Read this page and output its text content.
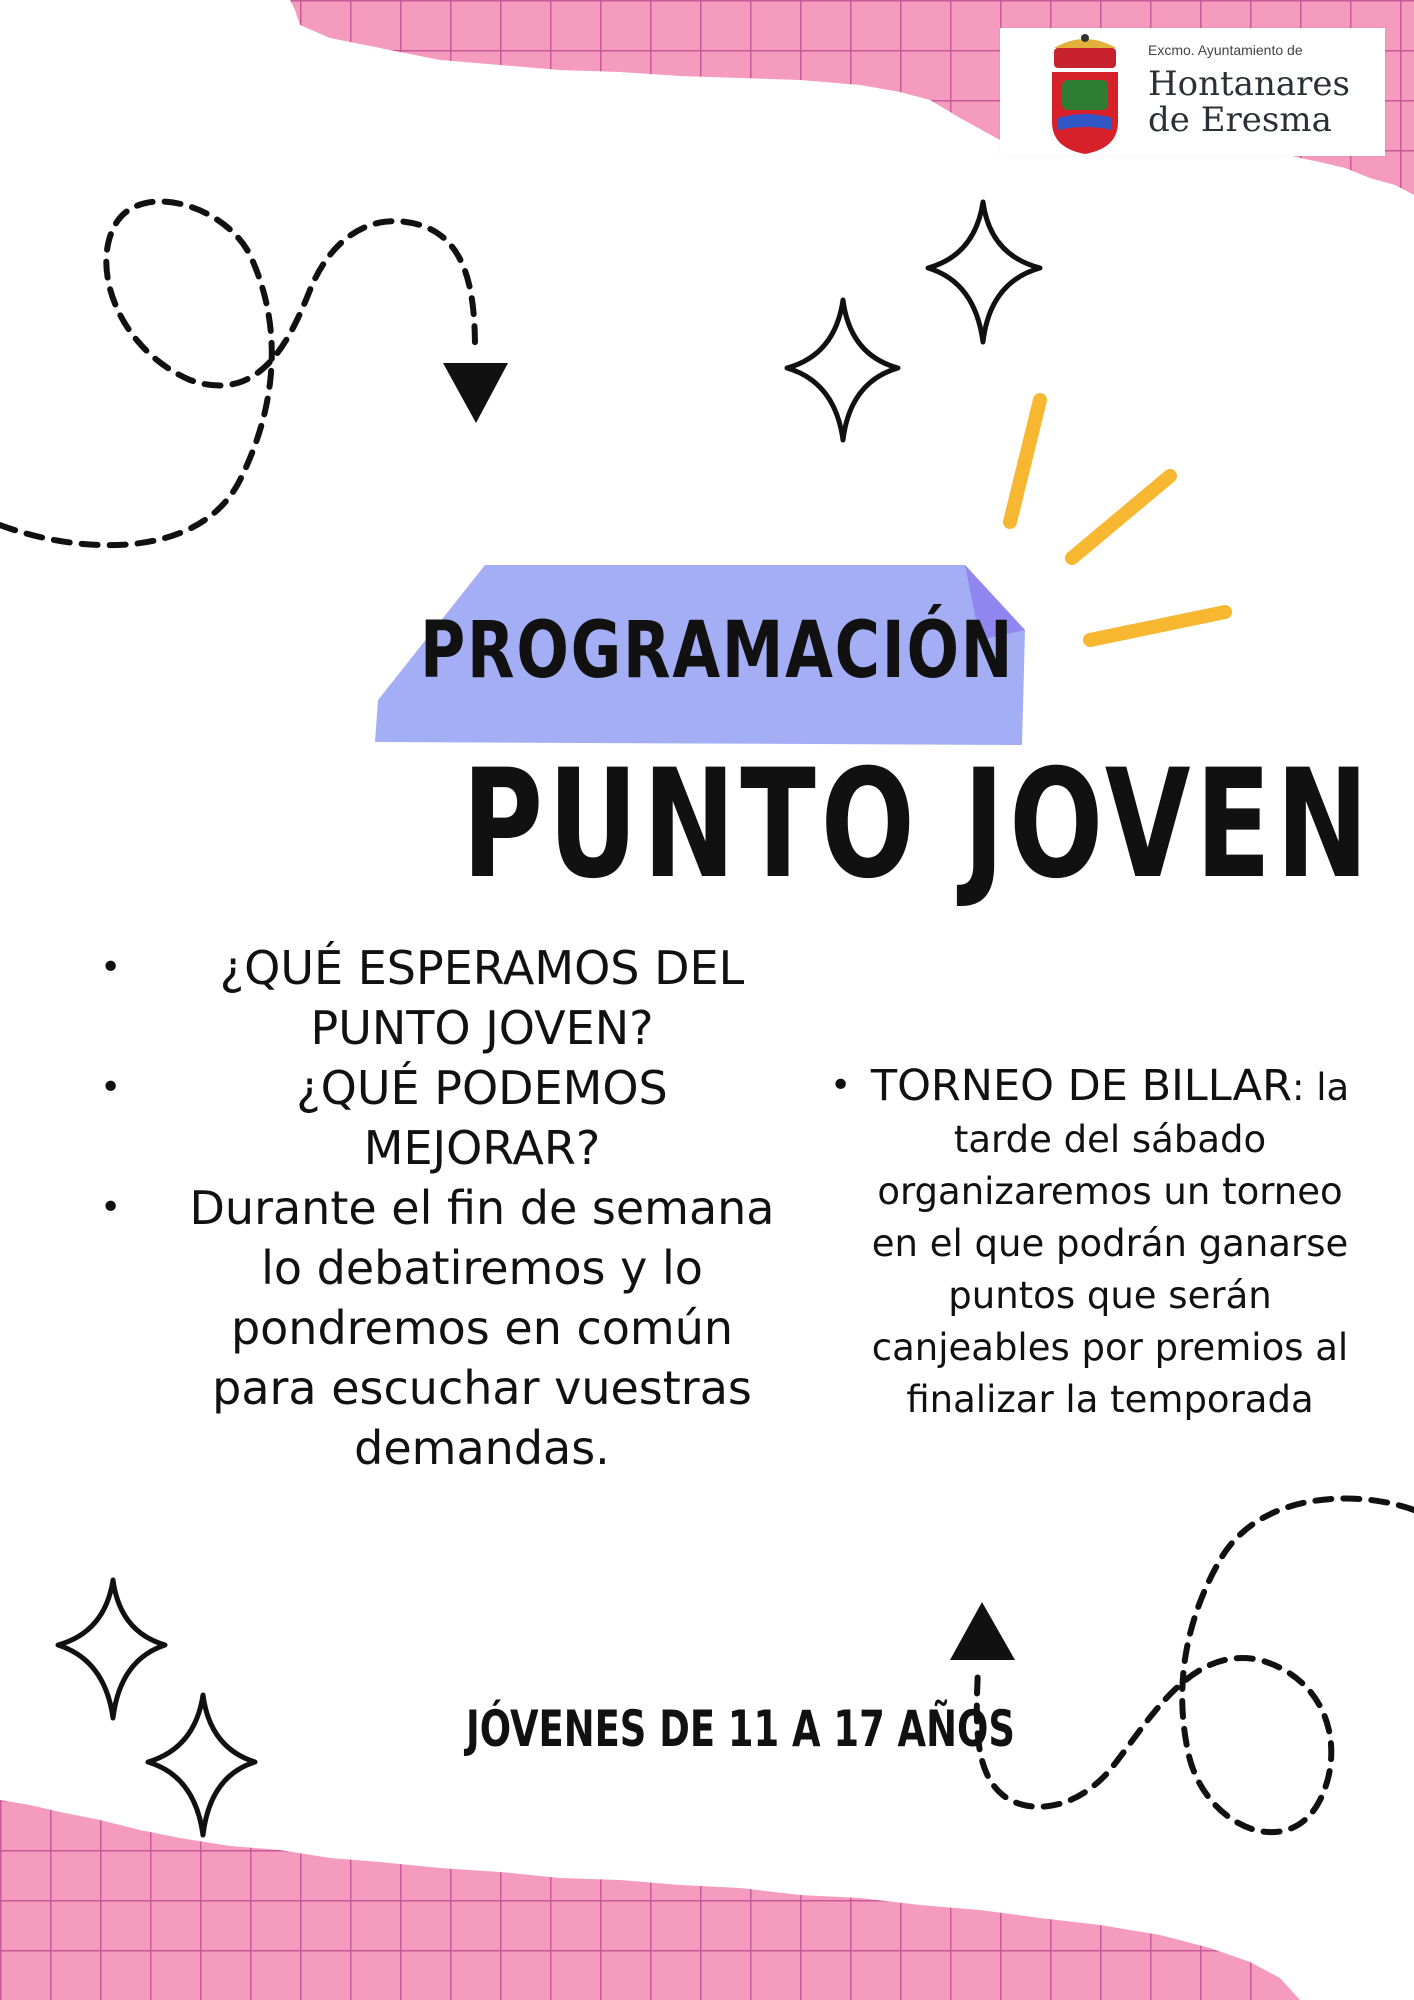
Excmo. Ayuntamiento de
Hontanares
de Eresma
PROGRAMACIÓN
PUNTO JOVEN
• ¿QUÉ ESPERAMOS DEL PUNTO JOVEN?
•	¿QUÉ PODEMOS MEJORAR?
• Durante el fin de semana lo debatiremos y lo pondremos en común para escuchar vuestras demandas.
• TORNEO DE BILLAR: la tarde del sábado organizaremos un torneo en el que podrán ganarse puntos que serán canjeables por premios al finalizar la temporada
JÓVENES DE 11 A 17 AÑOS
